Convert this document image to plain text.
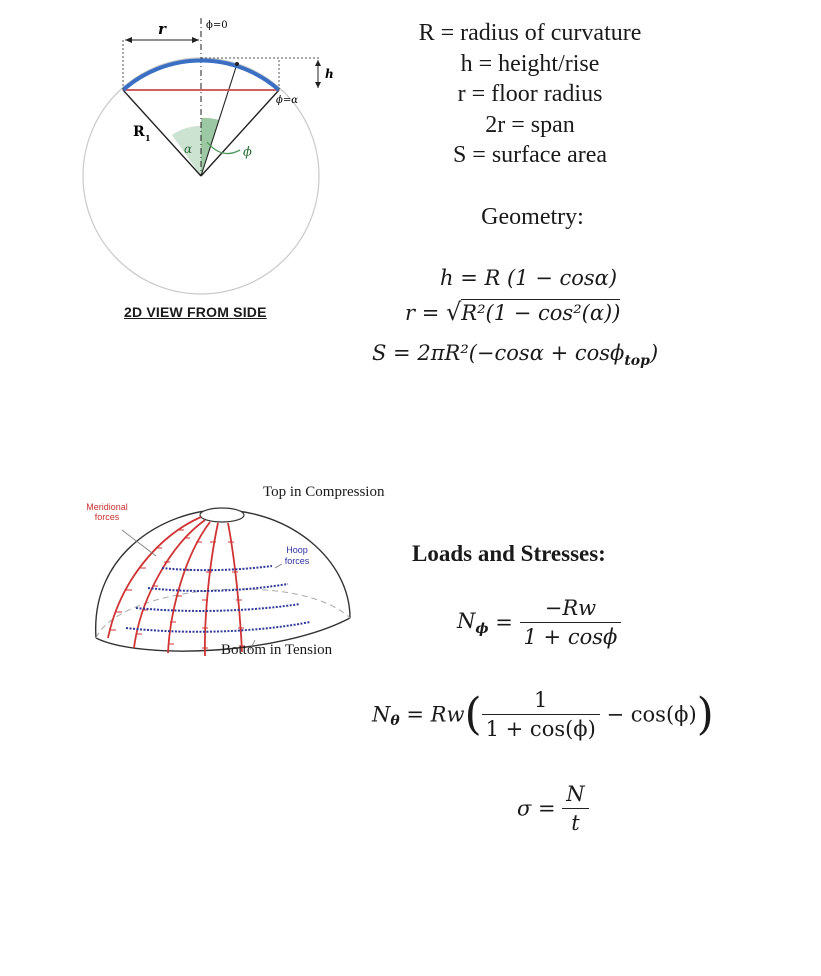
r	ϕ=0
h
ϕ=α
R 1
α	ϕ
2D VIEW FROM SIDE
R = radius of curvature
h = height/rise
r = floor radius
2r = span
S = surface area
Geometry:
h = R (1 − cosα)
r = √R²(1 − cos²(α))
S = 2πR²(−cosα + cosϕ$_{top}$)
Top in Compression
Bottom in Tension
Meridional
forces
Hoop
forces	Loads and Stresses:
$N_\phi = \frac{-Rw}{1 + \cos\phi}$
$N_\theta = Rw( \frac{1}{1 + \cos(\phi)} - \cos(\phi))$
$\sigma = \frac{N}{t}$
